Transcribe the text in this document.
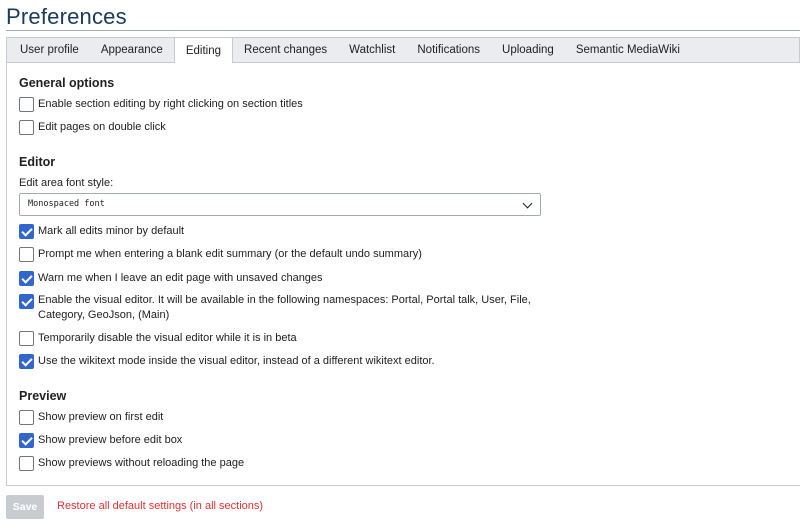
Preferences
User profile	Appearance	Editing	Recent changes	Watchlist	Notifications	Uploading	Semantic MediaWiki
General options
Enable section editing by right clicking on section titles
Edit pages on double click
Editor
Edit area font style:
Monospaced font
Mark all edits minor by default
Prompt me when entering a blank edit summary (or the default undo summary)
Warn me when I leave an edit page with unsaved changes
Enable the visual editor. It will be available in the following namespaces: Portal, Portal talk, User, File,
Category, GeoJson, (Main)
Temporarily disable the visual editor while it is in beta
Use the wikitext mode inside the visual editor, instead of a different wikitext editor.
Preview
Show preview on first edit
Show preview before edit box
Show previews without reloading the page
Save	Restore all default settings (in all sections)
